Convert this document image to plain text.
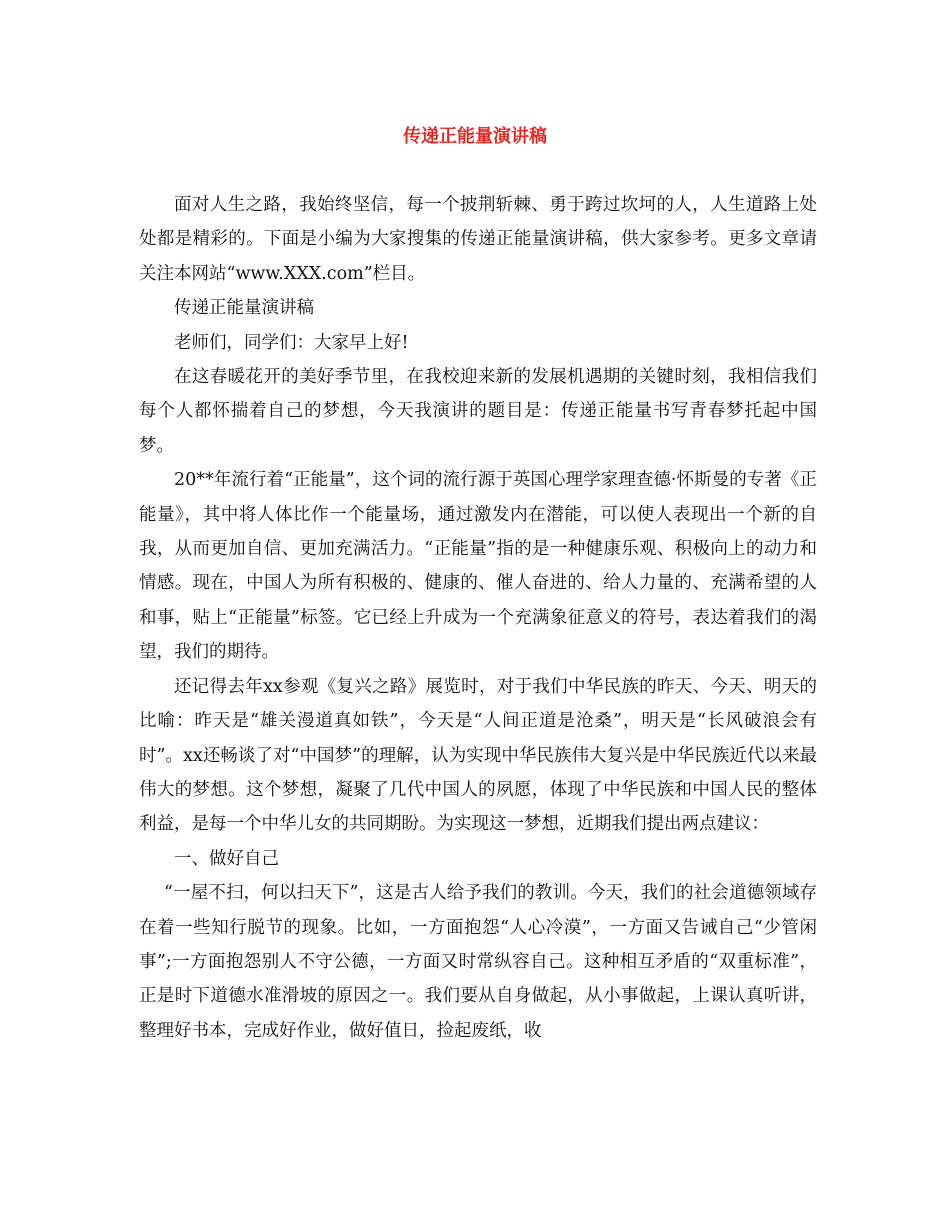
传递正能量演讲稿

面对人生之路，我始终坚信，每一个披荆斩棘、勇于跨过坎坷的人，人生道路上处处都是精彩的。下面是小编为大家搜集的传递正能量演讲稿，供大家参考。更多文章请关注本网站“www.XXX.com”栏目。

传递正能量演讲稿

老师们，同学们：大家早上好!

在这春暖花开的美好季节里，在我校迎来新的发展机遇期的关键时刻，我相信我们每个人都怀揣着自己的梦想，今天我演讲的题目是：传递正能量书写青春梦托起中国梦。

20**年流行着“正能量”，这个词的流行源于英国心理学家理查德·怀斯曼的专著《正能量》，其中将人体比作一个能量场，通过激发内在潜能，可以使人表现出一个新的自我，从而更加自信、更加充满活力。“正能量”指的是一种健康乐观、积极向上的动力和情感。现在，中国人为所有积极的、健康的、催人奋进的、给人力量的、充满希望的人和事，贴上“正能量”标签。它已经上升成为一个充满象征意义的符号，表达着我们的渴望，我们的期待。

还记得去年xx参观《复兴之路》展览时，对于我们中华民族的昨天、今天、明天的比喻：昨天是“雄关漫道真如铁”，今天是“人间正道是沧桑”，明天是“长风破浪会有时”。xx还畅谈了对“中国梦”的理解，认为实现中华民族伟大复兴是中华民族近代以来最伟大的梦想。这个梦想，凝聚了几代中国人的夙愿，体现了中华民族和中国人民的整体利益，是每一个中华儿女的共同期盼。为实现这一梦想，近期我们提出两点建议：

一、做好自己

“一屋不扫，何以扫天下”，这是古人给予我们的教训。今天，我们的社会道德领域存在着一些知行脱节的现象。比如，一方面抱怨“人心冷漠”，一方面又告诫自己“少管闲事”;一方面抱怨别人不守公德，一方面又时常纵容自己。这种相互矛盾的“双重标准”，正是时下道德水准滑坡的原因之一。我们要从自身做起，从小事做起，上课认真听讲，整理好书本，完成好作业，做好值日，捡起废纸，收
